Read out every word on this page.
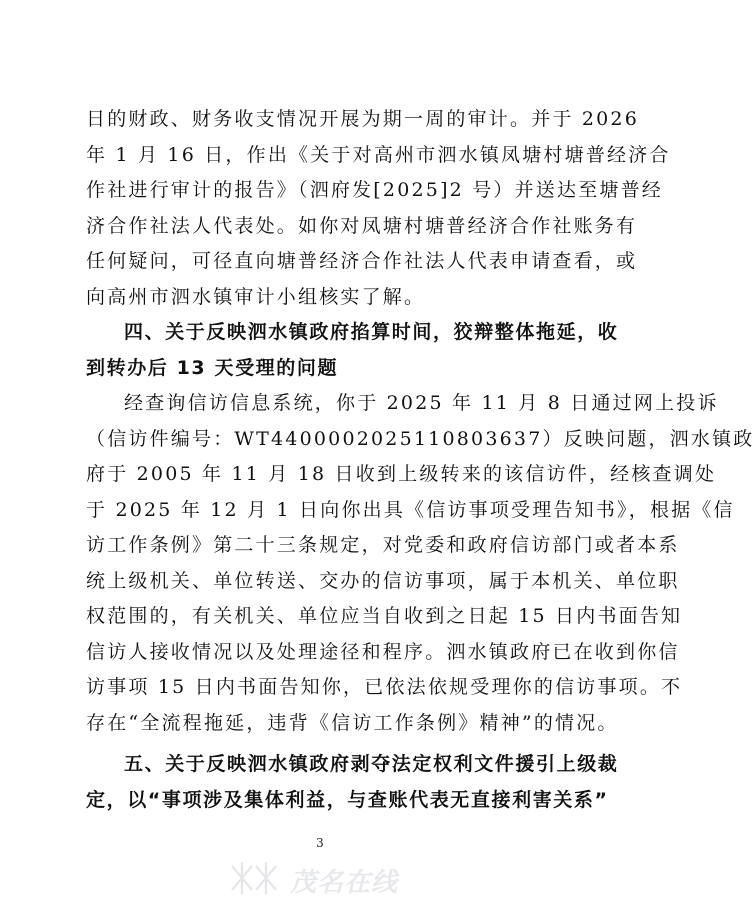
日的财政、财务收支情况开展为期一周的审计。并于 2026
年 1 月 16 日，作出《关于对高州市泗水镇凤塘村塘普经济合
作社进行审计的报告》（泗府发[2025]2 号）并送达至塘普经
济合作社法人代表处。如你对凤塘村塘普经济合作社账务有
任何疑问，可径直向塘普经济合作社法人代表申请查看，或
向高州市泗水镇审计小组核实了解。
四、关于反映泗水镇政府掐算时间，狡辩整体拖延，收
到转办后 13 天受理的问题
经查询信访信息系统，你于 2025 年 11 月 8 日通过网上投诉
（信访件编号：WT4400002025110803637）反映问题，泗水镇政
府于 2005 年 11 月 18 日收到上级转来的该信访件，经核查调处
于 2025 年 12 月 1 日向你出具《信访事项受理告知书》，根据《信
访工作条例》第二十三条规定，对党委和政府信访部门或者本系
统上级机关、单位转送、交办的信访事项，属于本机关、单位职
权范围的，有关机关、单位应当自收到之日起 15 日内书面告知
信访人接收情况以及处理途径和程序。泗水镇政府已在收到你信
访事项 15 日内书面告知你，已依法依规受理你的信访事项。不
存在“全流程拖延，违背《信访工作条例》精神”的情况。
五、关于反映泗水镇政府剥夺法定权利文件援引上级裁
定，以“事项涉及集体利益，与查账代表无直接利害关系”
3
茂名在线
